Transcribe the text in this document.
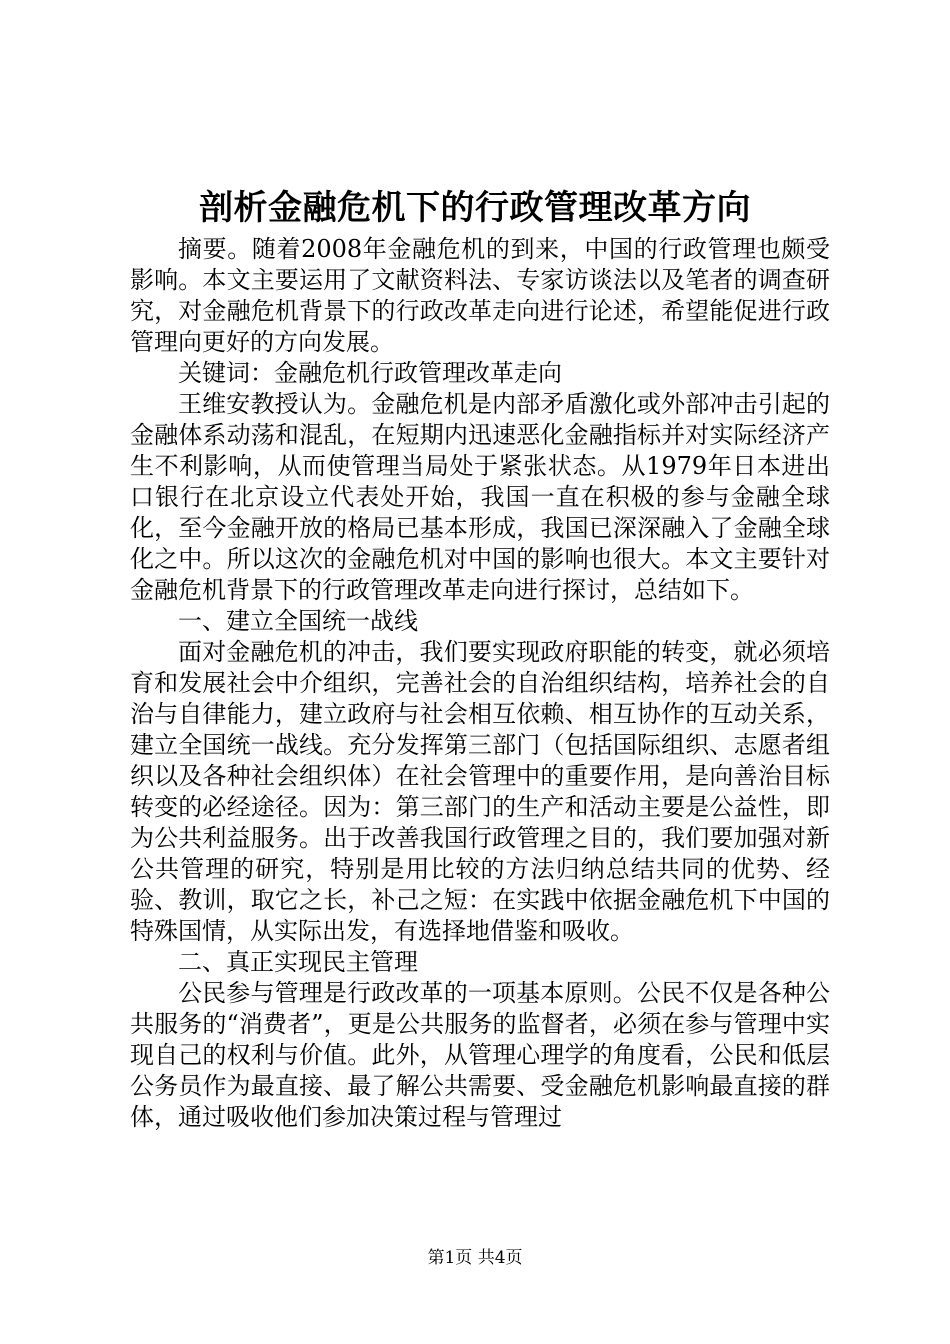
剖析金融危机下的行政管理改革方向

摘要。随着2008年金融危机的到来，中国的行政管理也颇受影响。本文主要运用了文献资料法、专家访谈法以及笔者的调查研究，对金融危机背景下的行政改革走向进行论述，希望能促进行政管理向更好的方向发展。

关键词：金融危机行政管理改革走向

王维安教授认为。金融危机是内部矛盾激化或外部冲击引起的金融体系动荡和混乱，在短期内迅速恶化金融指标并对实际经济产生不利影响，从而使管理当局处于紧张状态。从1979年日本进出口银行在北京设立代表处开始，我国一直在积极的参与金融全球化，至今金融开放的格局已基本形成，我国已深深融入了金融全球化之中。所以这次的金融危机对中国的影响也很大。本文主要针对金融危机背景下的行政管理改革走向进行探讨，总结如下。

一、建立全国统一战线

面对金融危机的冲击，我们要实现政府职能的转变，就必须培育和发展社会中介组织，完善社会的自治组织结构，培养社会的自治与自律能力，建立政府与社会相互依赖、相互协作的互动关系，建立全国统一战线。充分发挥第三部门（包括国际组织、志愿者组织以及各种社会组织体）在社会管理中的重要作用，是向善治目标转变的必经途径。因为：第三部门的生产和活动主要是公益性，即为公共利益服务。出于改善我国行政管理之目的，我们要加强对新公共管理的研究，特别是用比较的方法归纳总结共同的优势、经验、教训，取它之长，补己之短：在实践中依据金融危机下中国的特殊国情，从实际出发，有选择地借鉴和吸收。

二、真正实现民主管理

公民参与管理是行政改革的一项基本原则。公民不仅是各种公共服务的“消费者”，更是公共服务的监督者，必须在参与管理中实现自己的权利与价值。此外，从管理心理学的角度看，公民和低层公务员作为最直接、最了解公共需要、受金融危机影响最直接的群体，通过吸收他们参加决策过程与管理过

第1页 共4页
